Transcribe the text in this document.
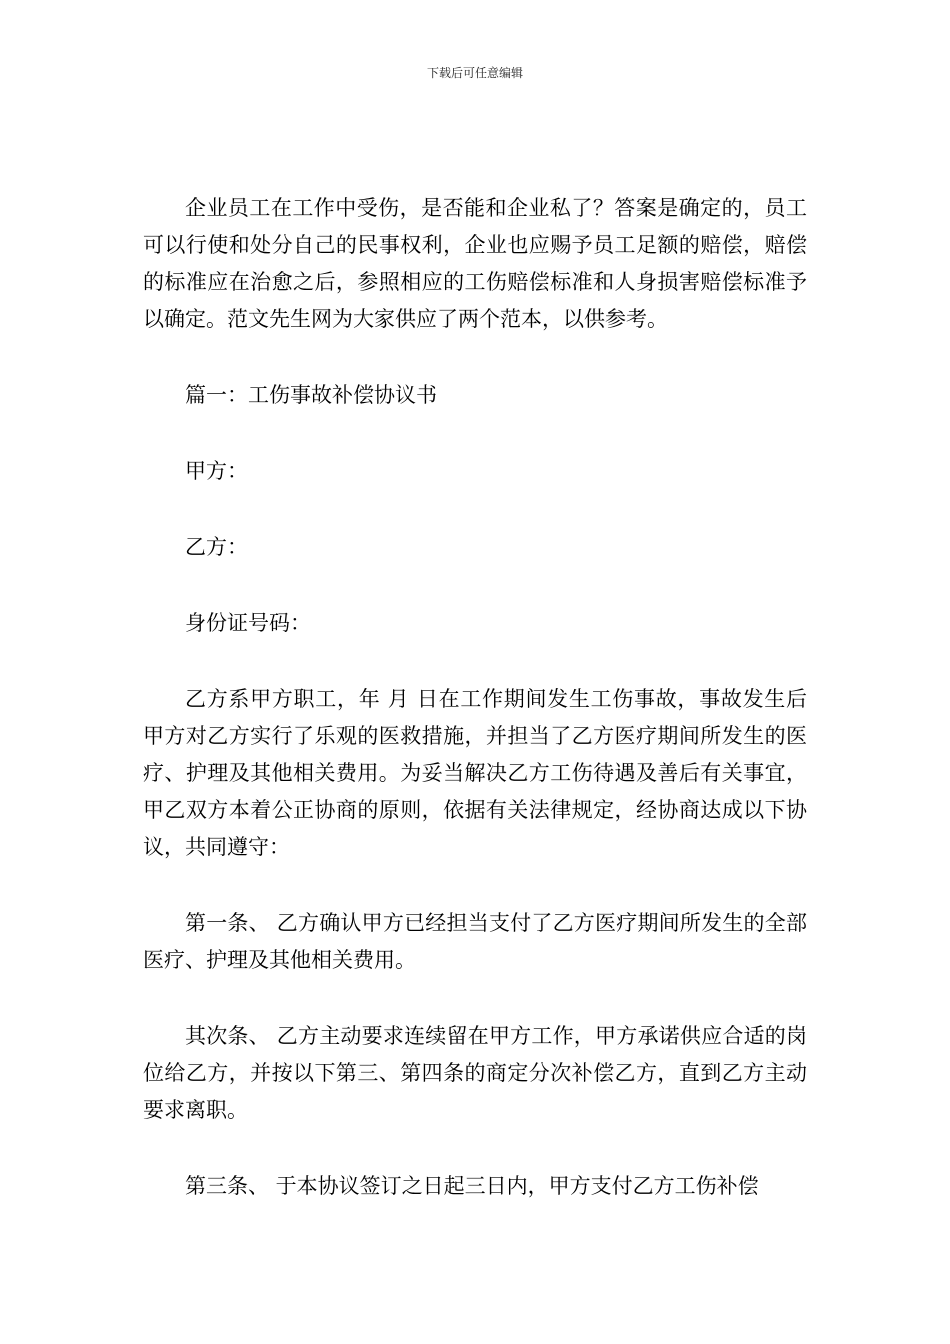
下载后可任意编辑

企业员工在工作中受伤，是否能和企业私了？答案是确定的，员工可以行使和处分自己的民事权利，企业也应赐予员工足额的赔偿，赔偿的标准应在治愈之后，参照相应的工伤赔偿标准和人身损害赔偿标准予以确定。范文先生网为大家供应了两个范本，以供参考。

篇一：工伤事故补偿协议书

甲方：

乙方：

身份证号码：

乙方系甲方职工，年 月 日在工作期间发生工伤事故，事故发生后甲方对乙方实行了乐观的医救措施，并担当了乙方医疗期间所发生的医疗、护理及其他相关费用。为妥当解决乙方工伤待遇及善后有关事宜，甲乙双方本着公正协商的原则，依据有关法律规定，经协商达成以下协议，共同遵守：

第一条、 乙方确认甲方已经担当支付了乙方医疗期间所发生的全部医疗、护理及其他相关费用。

其次条、 乙方主动要求连续留在甲方工作，甲方承诺供应合适的岗位给乙方，并按以下第三、第四条的商定分次补偿乙方，直到乙方主动要求离职。

第三条、 于本协议签订之日起三日内，甲方支付乙方工伤补偿
